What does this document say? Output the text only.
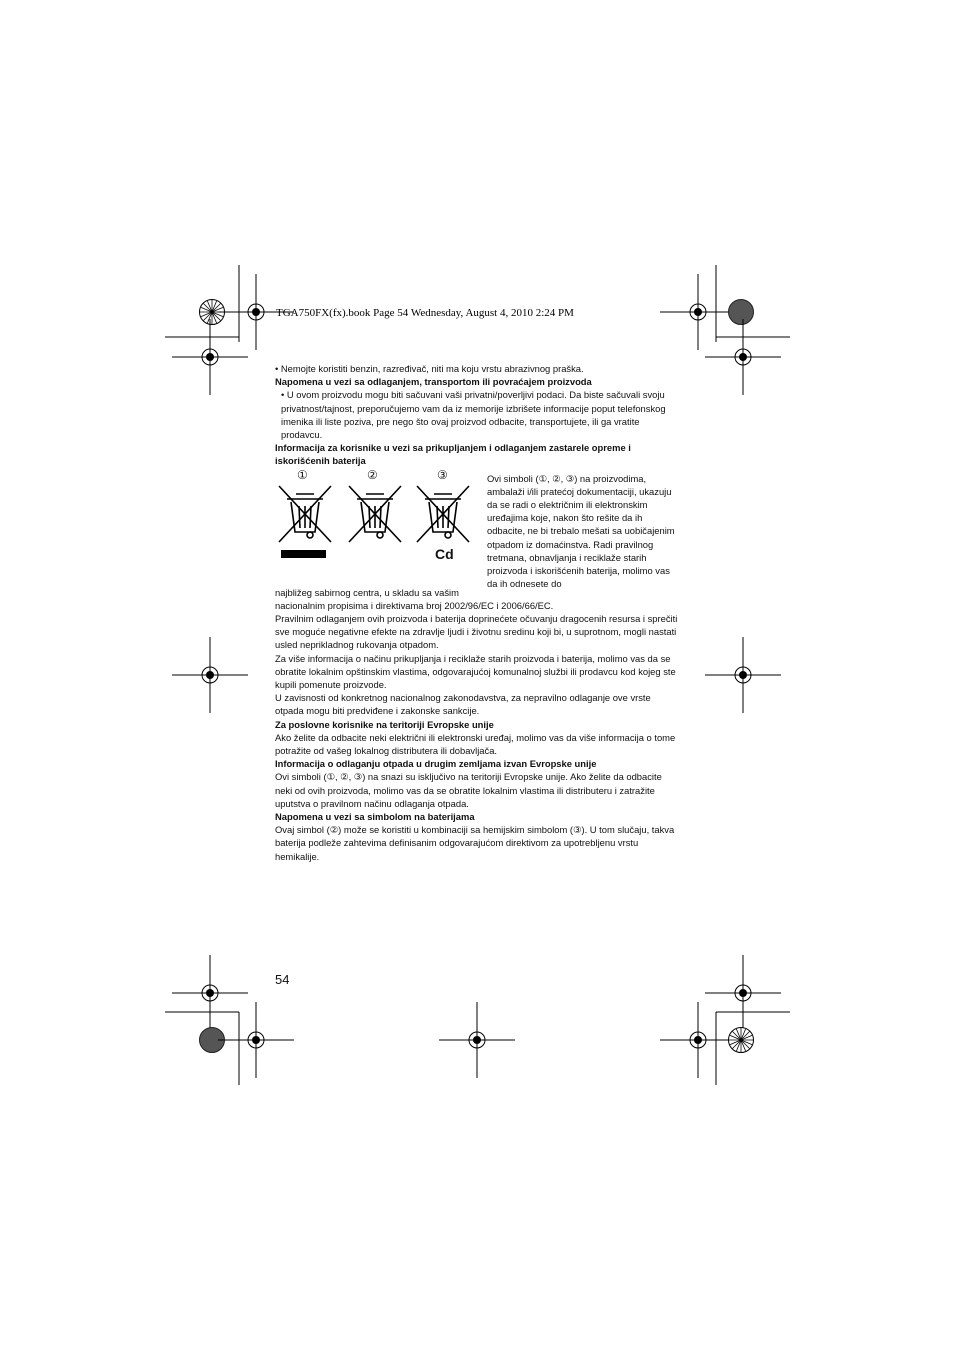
TGA750FX(fx).book Page 54 Wednesday, August 4, 2010 2:24 PM

• Nemojte koristiti benzin, razređivač, niti ma koju vrstu abrazivnog praška.

Napomena u vezi sa odlaganjem, transportom ili povraćajem proizvoda

• U ovom proizvodu mogu biti sačuvani vaši privatni/poverljivi podaci. Da biste sačuvali svoju privatnost/tajnost, preporučujemo vam da iz memorije izbrišete informacije poput telefonskog imenika ili liste poziva, pre nego što ovaj proizvod odbacite, transportujete, ili ga vratite prodavcu.

Informacija za korisnike u vezi sa prikupljanjem i odlaganjem zastarele opreme i iskorišćenih baterija

Ovi simboli (①, ②, ③) na proizvodima, ambalaži i/ili pratećoj dokumentaciji, ukazuju da se radi o električnim ili elektronskim uređajima koje, nakon što rešite da ih odbacite, ne bi trebalo mešati sa uobičajenim otpadom iz domaćinstva. Radi pravilnog tretmana, obnavljanja i reciklaže starih proizvoda i iskorišćenih baterija, molimo vas da ih odnesete do

①	②	③
Cd

najbližeg sabirnog centra, u skladu sa vašim nacionalnim propisima i direktivama broj 2002/96/EC i 2006/66/EC.

Pravilnim odlaganjem ovih proizvoda i baterija doprinećete očuvanju dragocenih resursa i sprečiti sve moguće negativne efekte na zdravlje ljudi i životnu sredinu koji bi, u suprotnom, mogli nastati usled neprikladnog rukovanja otpadom.

Za više informacija o načinu prikupljanja i reciklaže starih proizvoda i baterija, molimo vas da se obratite lokalnim opštinskim vlastima, odgovarajućoj komunalnoj službi ili prodavcu kod kojeg ste kupili pomenute proizvode.

U zavisnosti od konkretnog nacionalnog zakonodavstva, za nepravilno odlaganje ove vrste otpada mogu biti predviđene i zakonske sankcije.

Za poslovne korisnike na teritoriji Evropske unije

Ako želite da odbacite neki električni ili elektronski uređaj, molimo vas da više informacija o tome potražite od vašeg lokalnog distributera ili dobavljača.

Informacija o odlaganju otpada u drugim zemljama izvan Evropske unije

Ovi simboli (①, ②, ③) na snazi su isključivo na teritoriji Evropske unije. Ako želite da odbacite neki od ovih proizvoda, molimo vas da se obratite lokalnim vlastima ili distributeru i zatražite uputstva o pravilnom načinu odlaganja otpada.

Napomena u vezi sa simbolom na baterijama

Ovaj simbol (②) može se koristiti u kombinaciji sa hemijskim simbolom (③). U tom slučaju, takva baterija podleže zahtevima definisanim odgovarajućom direktivom za upotrebljenu vrstu hemikalije.

54
